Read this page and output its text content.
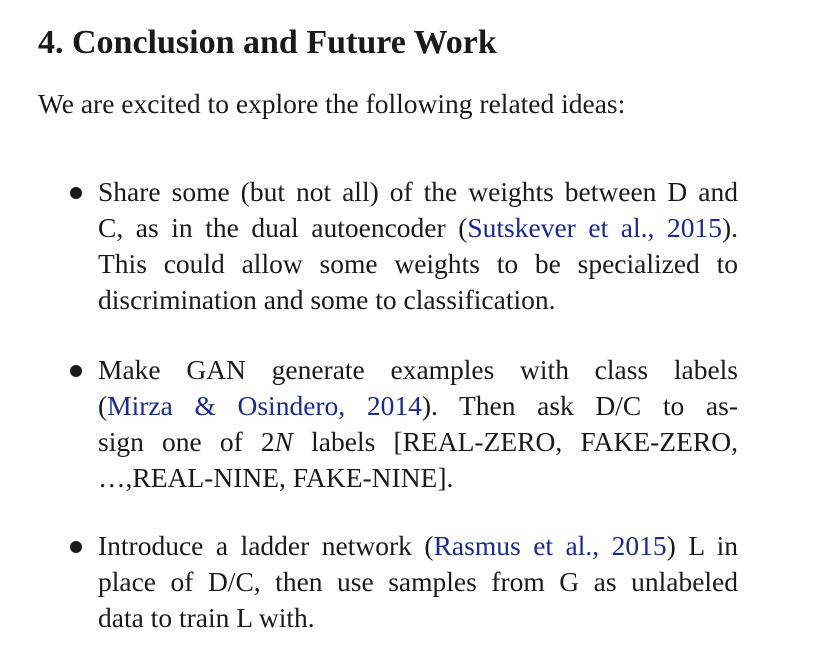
4. Conclusion and Future Work
We are excited to explore the following related ideas:
Share some (but not all) of the weights between D and
C, as in the dual autoencoder (Sutskever et al., 2015).
This could allow some weights to be specialized to
discrimination and some to classification.
Make GAN generate examples with class labels
(Mirza & Osindero, 2014). Then ask D/C to as-
sign one of 2N labels [REAL-ZERO, FAKE-ZERO,
…,REAL-NINE, FAKE-NINE].
Introduce a ladder network (Rasmus et al., 2015) L in
place of D/C, then use samples from G as unlabeled
data to train L with.
